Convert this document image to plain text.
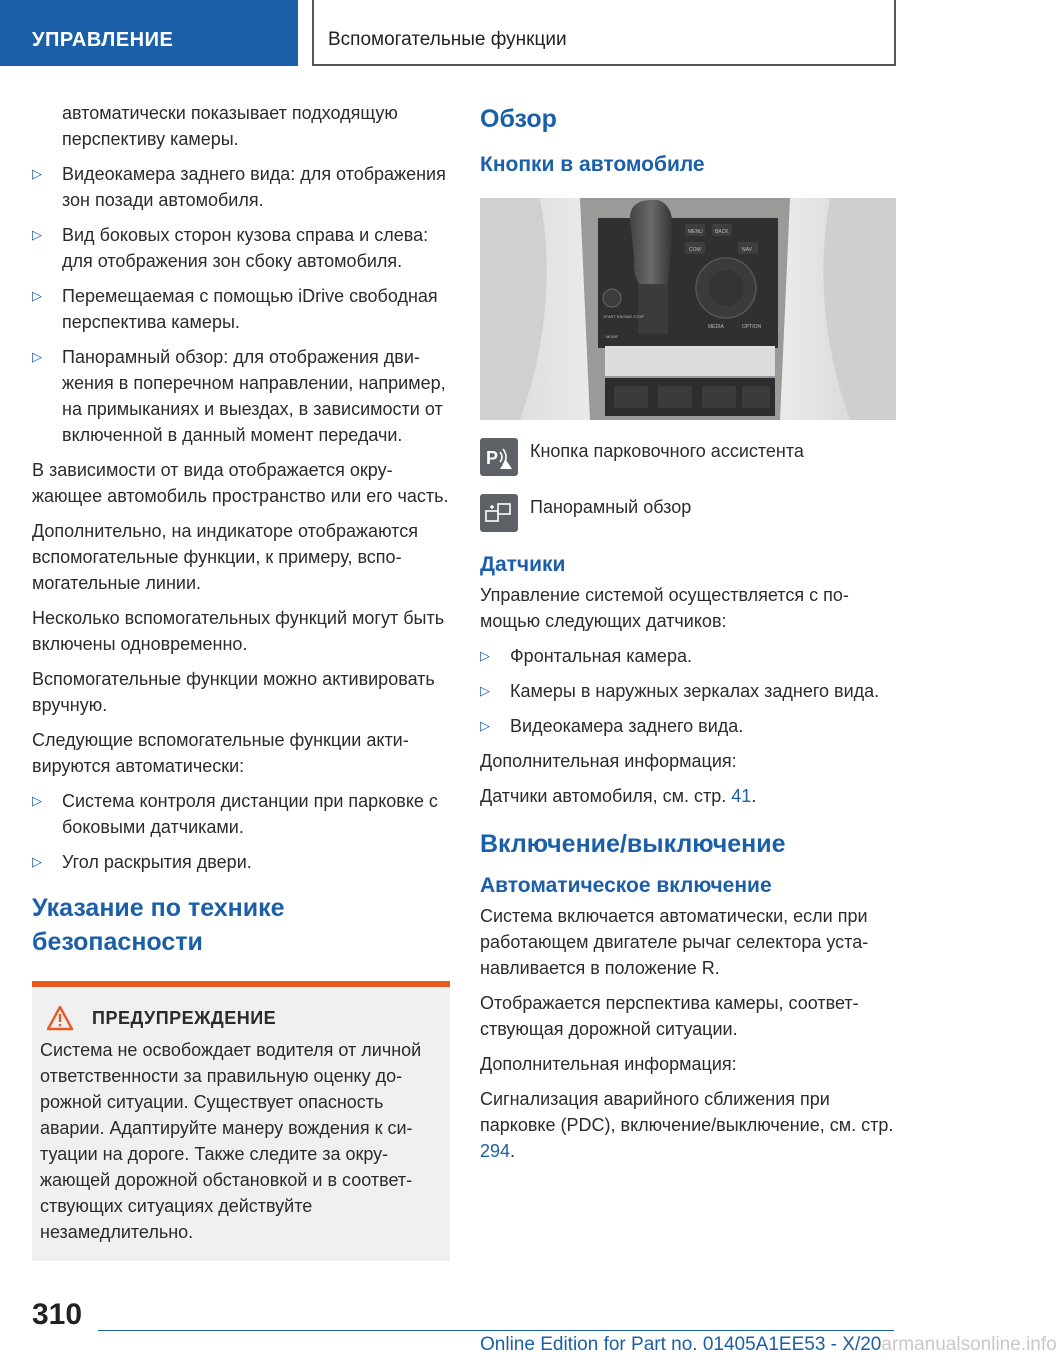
УПРАВЛЕНИЕ	Вспомогательные функции
автоматически показывает подходящую перспективу камеры.
▷ Видеокамера заднего вида: для отображения зон позади автомобиля.
▷ Вид боковых сторон кузова справа и слева: для отображения зон сбоку автомобиля.
▷ Перемещаемая с помощью iDrive свободная перспектива камеры.
▷ Панорамный обзор: для отображения движения в поперечном направлении, например, на примыканиях и выездах, в зависимости от включенной в данный момент передачи.

В зависимости от вида отображается окружающее автомобиль пространство или его часть.

Дополнительно, на индикаторе отображаются вспомогательные функции, к примеру, вспомогательные линии.

Несколько вспомогательных функций могут быть включены одновременно.

Вспомогательные функции можно активировать вручную.

Следующие вспомогательные функции активируются автоматически:

▷ Система контроля дистанции при парковке с боковыми датчиками.
▷ Угол раскрытия двери.
Указание по технике безопасности
ПРЕДУПРЕЖДЕНИЕ
Система не освобождает водителя от личной ответственности за правильную оценку дорожной ситуации. Существует опасность аварии. Адаптируйте манеру вождения к ситуации на дороге. Также следите за окружающей дорожной обстановкой и в соответствующих ситуациях действуйте незамедлительно.
Обзор
Кнопки в автомобиле
MENU BACK
COM	NAV
MEDIA	OPTION
START ENGINE STOP
MODE
P Кнопка парковочного ассистента
Панорамный обзор
Датчики

Управление системой осуществляется с помощью следующих датчиков:

▷ Фронтальная камера.
▷ Камеры в наружных зеркалах заднего вида.
▷ Видеокамера заднего вида.

Дополнительная информация:

Датчики автомобиля, см. стр. 41.

Включение/выключение
Автоматическое включение

Система включается автоматически, если при работающем двигателе рычаг селектора устанавливается в положение R.

Отображается перспектива камеры, соответствующая дорожной ситуации.

Дополнительная информация:

Сигнализация аварийного сближения при парковке (PDC), включение/выключение, см. стр. 294.

310
Online Edition for Part no. 01405A1EE53 - X/20armanualsonline.info
